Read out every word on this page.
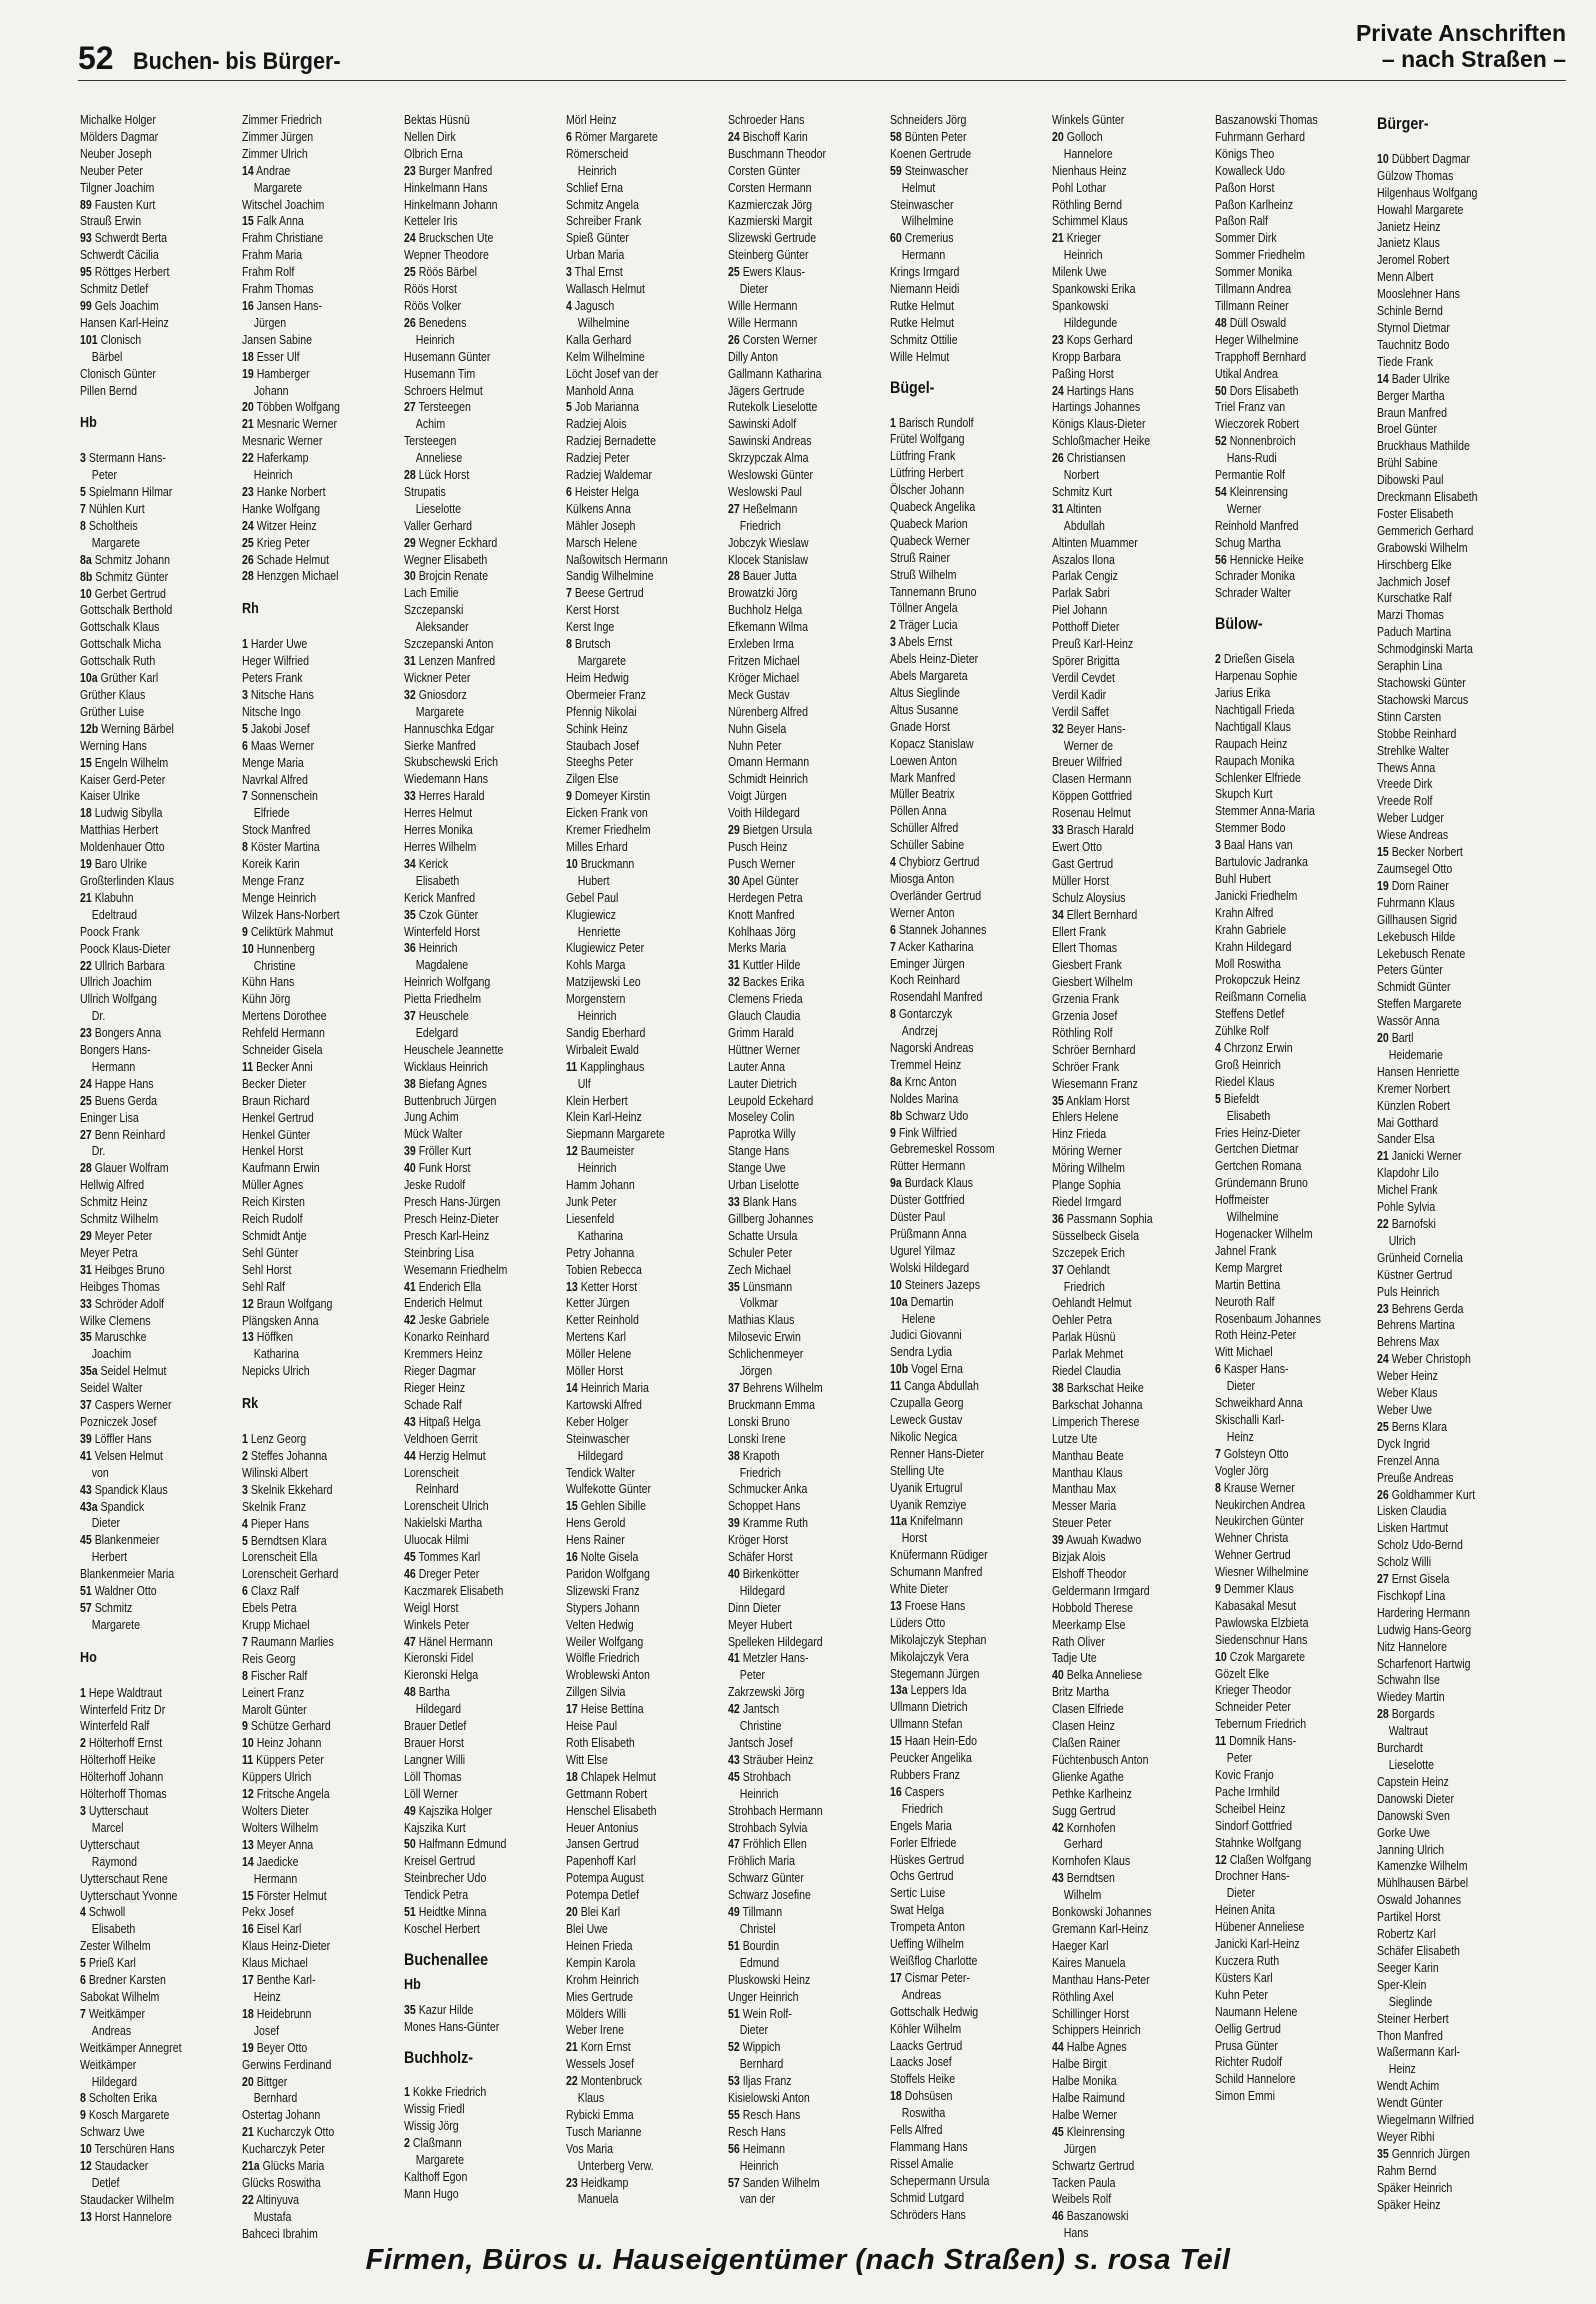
52 Buchen- bis Bürger-
Private Anschriften
– nach Straßen –
Michalke Holger
Mölders Dagmar
Neuber Joseph
Neuber Peter
Tilgner Joachim
89 Fausten Kurt
Strauß Erwin
93 Schwerdt Berta
Schwerdt Cäcilia
95 Röttges Herbert
Schmitz Detlef
99 Gels Joachim
Hansen Karl-Heinz
101 Clonisch
Bärbel
Clonisch Günter
Pillen Bernd
Hb
3 Stermann Hans-
Peter
5 Spielmann Hilmar
7 Nühlen Kurt
8 Scholtheis
Margarete
8a Schmitz Johann
8b Schmitz Günter
10 Gerbet Gertrud
Gottschalk Berthold
Gottschalk Klaus
Gottschalk Micha
Gottschalk Ruth
10a Grüther Karl
Grüther Klaus
Grüther Luise
12b Werning Bärbel
Werning Hans
15 Engeln Wilhelm
Kaiser Gerd-Peter
Kaiser Ulrike
18 Ludwig Sibylla
Matthias Herbert
Moldenhauer Otto
19 Baro Ulrike
Großterlinden Klaus
21 Klabuhn
Edeltraud
Poock Frank
Poock Klaus-Dieter
22 Ullrich Barbara
Ullrich Joachim
Ullrich Wolfgang
Dr.
23 Bongers Anna
Bongers Hans-
Hermann
24 Happe Hans
25 Buens Gerda
Eninger Lisa
27 Benn Reinhard
Dr.
28 Glauer Wolfram
Hellwig Alfred
Schmitz Heinz
Schmitz Wilhelm
29 Meyer Peter
Meyer Petra
31 Heibges Bruno
Heibges Thomas
33 Schröder Adolf
Wilke Clemens
35 Maruschke
Joachim
35a Seidel Helmut
Seidel Walter
37 Caspers Werner
Pozniczek Josef
39 Löffler Hans
41 Velsen Helmut
von
43 Spandick Klaus
43a Spandick
Dieter
45 Blankenmeier
Herbert
Blankenmeier Maria
51 Waldner Otto
57 Schmitz
Margarete
Ho
1 Hepe Waldtraut
Winterfeld Fritz Dr
Winterfeld Ralf
2 Hölterhoff Ernst
Hölterhoff Heike
Hölterhoff Johann
Hölterhoff Thomas
3 Uytterschaut
Marcel
Uytterschaut
Raymond
Uytterschaut Rene
Uytterschaut Yvonne
4 Schwoll
Elisabeth
Zester Wilhelm
5 Prieß Karl
6 Bredner Karsten
Sabokat Wilhelm
7 Weitkämper
Andreas
Weitkämper Annegret
Weitkämper
Hildegard
8 Scholten Erika
9 Kosch Margarete
Schwarz Uwe
10 Terschüren Hans
12 Staudacker
Detlef
Staudacker Wilhelm
13 Horst Hannelore
Zimmer Friedrich
Zimmer Jürgen
Zimmer Ulrich
14 Andrae
Margarete
Witschel Joachim
15 Falk Anna
Frahm Christiane
Frahm Maria
Frahm Rolf
Frahm Thomas
16 Jansen Hans-
Jürgen
Jansen Sabine
18 Esser Ulf
19 Hamberger
Johann
20 Többen Wolfgang
21 Mesnaric Werner
Mesnaric Werner
22 Haferkamp
Heinrich
23 Hanke Norbert
Hanke Wolfgang
24 Witzer Heinz
25 Krieg Peter
26 Schade Helmut
28 Henzgen Michael
Rh
1 Harder Uwe
Heger Wilfried
Peters Frank
3 Nitsche Hans
Nitsche Ingo
5 Jakobi Josef
6 Maas Werner
Menge Maria
Navrkal Alfred
7 Sonnenschein
Elfriede
Stock Manfred
8 Köster Martina
Koreik Karin
Menge Franz
Menge Heinrich
Wilzek Hans-Norbert
9 Celiktürk Mahmut
10 Hunnenberg
Christine
Kühn Hans
Kühn Jörg
Mertens Dorothee
Rehfeld Hermann
Schneider Gisela
11 Becker Anni
Becker Dieter
Braun Richard
Henkel Gertrud
Henkel Günter
Henkel Horst
Kaufmann Erwin
Müller Agnes
Reich Kirsten
Reich Rudolf
Schmidt Antje
Sehl Günter
Sehl Horst
Sehl Ralf
12 Braun Wolfgang
Plängsken Anna
13 Höffken
Katharina
Nepicks Ulrich
Rk
1 Lenz Georg
2 Steffes Johanna
Wilinski Albert
3 Skelnik Ekkehard
Skelnik Franz
4 Pieper Hans
5 Berndtsen Klara
Lorenscheit Ella
Lorenscheit Gerhard
6 Claxz Ralf
Ebels Petra
Krupp Michael
7 Raumann Marlies
Reis Georg
8 Fischer Ralf
Leinert Franz
Marolt Günter
9 Schütze Gerhard
10 Heinz Johann
11 Küppers Peter
Küppers Ulrich
12 Fritsche Angela
Wolters Dieter
Wolters Wilhelm
13 Meyer Anna
14 Jaedicke
Hermann
15 Förster Helmut
Pekx Josef
16 Eisel Karl
Klaus Heinz-Dieter
Klaus Michael
17 Benthe Karl-
Heinz
18 Heidebrunn
Josef
19 Beyer Otto
Gerwins Ferdinand
20 Bittger
Bernhard
Ostertag Johann
21 Kucharczyk Otto
Kucharczyk Peter
21a Glücks Maria
Glücks Roswitha
22 Altinyuva
Mustafa
Bahceci Ibrahim
Bektas Hüsnü
Nellen Dirk
Olbrich Erna
23 Burger Manfred
Hinkelmann Hans
Hinkelmann Johann
Ketteler Iris
24 Bruckschen Ute
Wepner Theodore
25 Röös Bärbel
Röös Horst
Röös Volker
26 Benedens
Heinrich
Husemann Günter
Husemann Tim
Schroers Helmut
27 Tersteegen
Achim
Tersteegen
Anneliese
28 Lück Horst
Strupatis
Lieselotte
Valler Gerhard
29 Wegner Eckhard
Wegner Elisabeth
30 Brojcin Renate
Lach Emilie
Szczepanski
Aleksander
Szczepanski Anton
31 Lenzen Manfred
Wickner Peter
32 Gniosdorz
Margarete
Hannuschka Edgar
Sierke Manfred
Skubschewski Erich
Wiedemann Hans
33 Herres Harald
Herres Helmut
Herres Monika
Herres Wilhelm
34 Kerick
Elisabeth
Kerick Manfred
35 Czok Günter
Winterfeld Horst
36 Heinrich
Magdalene
Heinrich Wolfgang
Pietta Friedhelm
37 Heuschele
Edelgard
Heuschele Jeannette
Wicklaus Heinrich
38 Biefang Agnes
Buttenbruch Jürgen
Jung Achim
Mück Walter
39 Fröller Kurt
40 Funk Horst
Jeske Rudolf
Presch Hans-Jürgen
Presch Heinz-Dieter
Presch Karl-Heinz
Steinbring Lisa
Wesemann Friedhelm
41 Enderich Ella
Enderich Helmut
42 Jeske Gabriele
Konarko Reinhard
Kremmers Heinz
Rieger Dagmar
Rieger Heinz
Schade Ralf
43 Hitpaß Helga
Veldhoen Gerrit
44 Herzig Helmut
Lorenscheit
Reinhard
Lorenscheit Ulrich
Nakielski Martha
Uluocak Hilmi
45 Tommes Karl
46 Dreger Peter
Kaczmarek Elisabeth
Weigl Horst
Winkels Peter
47 Hänel Hermann
Kieronski Fidel
Kieronski Helga
48 Bartha
Hildegard
Brauer Detlef
Brauer Horst
Langner Willi
Löll Thomas
Löll Werner
49 Kajszika Holger
Kajszika Kurt
50 Halfmann Edmund
Kreisel Gertrud
Steinbrecher Udo
Tendick Petra
51 Heidtke Minna
Koschel Herbert
Buchenallee
Hb
35 Kazur Hilde
Mones Hans-Günter
Buchholz-
1 Kokke Friedrich
Wissig Friedl
Wissig Jörg
2 Claßmann
Margarete
Kalthoff Egon
Mann Hugo
Mörl Heinz
6 Römer Margarete
Römerscheid
Heinrich
Schlief Erna
Schmitz Angela
Schreiber Frank
Spieß Günter
Urban Maria
3 Thal Ernst
Wallasch Helmut
4 Jagusch
Wilhelmine
Kalla Gerhard
Kelm Wilhelmine
Löcht Josef van der
Manhold Anna
5 Job Marianna
Radziej Alois
Radziej Bernadette
Radziej Peter
Radziej Waldemar
6 Heister Helga
Külkens Anna
Mähler Joseph
Marsch Helene
Naßowitsch Hermann
Sandig Wilhelmine
7 Beese Gertrud
Kerst Horst
Kerst Inge
8 Brutsch
Margarete
Heim Hedwig
Obermeier Franz
Pfennig Nikolai
Schink Heinz
Staubach Josef
Steeghs Peter
Zilgen Else
9 Domeyer Kirstin
Eicken Frank von
Kremer Friedhelm
Milles Erhard
10 Bruckmann
Hubert
Gebel Paul
Klugiewicz
Henriette
Klugiewicz Peter
Kohls Marga
Matzijewski Leo
Morgenstern
Heinrich
Sandig Eberhard
Wirbaleit Ewald
11 Kapplinghaus
Ulf
Klein Herbert
Klein Karl-Heinz
Siepmann Margarete
12 Baumeister
Heinrich
Hamm Johann
Junk Peter
Liesenfeld
Katharina
Petry Johanna
Tobien Rebecca
13 Ketter Horst
Ketter Jürgen
Ketter Reinhold
Mertens Karl
Möller Helene
Möller Horst
14 Heinrich Maria
Kartowski Alfred
Keber Holger
Steinwascher
Hildegard
Tendick Walter
Wulfekotte Günter
15 Gehlen Sibille
Hens Gerold
Hens Rainer
16 Nolte Gisela
Paridon Wolfgang
Slizewski Franz
Stypers Johann
Velten Hedwig
Weiler Wolfgang
Wölfle Friedrich
Wroblewski Anton
Zillgen Silvia
17 Heise Bettina
Heise Paul
Roth Elisabeth
Witt Else
18 Chlapek Helmut
Gettmann Robert
Henschel Elisabeth
Heuer Antonius
Jansen Gertrud
Papenhoff Karl
Potempa August
Potempa Detlef
20 Blei Karl
Blei Uwe
Heinen Frieda
Kempin Karola
Krohm Heinrich
Mies Gertrude
Mölders Willi
Weber Irene
21 Korn Ernst
Wessels Josef
22 Montenbruck
Klaus
Rybicki Emma
Tusch Marianne
Vos Maria
Unterberg Verw.
23 Heidkamp
Manuela
Schroeder Hans
24 Bischoff Karin
Buschmann Theodor
Corsten Günter
Corsten Hermann
Kazmierczak Jörg
Kazmierski Margit
Slizewski Gertrude
Steinberg Günter
25 Ewers Klaus-
Dieter
Wille Hermann
Wille Hermann
26 Corsten Werner
Dilly Anton
Gallmann Katharina
Jägers Gertrude
Rutekolk Lieselotte
Sawinski Adolf
Sawinski Andreas
Skrzypczak Alma
Weslowski Günter
Weslowski Paul
27 Heßelmann
Friedrich
Jobczyk Wieslaw
Klocek Stanislaw
28 Bauer Jutta
Browatzki Jörg
Buchholz Helga
Efkemann Wilma
Erxleben Irma
Fritzen Michael
Kröger Michael
Meck Gustav
Nürenberg Alfred
Nuhn Gisela
Nuhn Peter
Omann Hermann
Schmidt Heinrich
Voigt Jürgen
Voith Hildegard
29 Bietgen Ursula
Pusch Heinz
Pusch Werner
30 Apel Günter
Herdegen Petra
Knott Manfred
Kohlhaas Jörg
Merks Maria
31 Kuttler Hilde
32 Backes Erika
Clemens Frieda
Glauch Claudia
Grimm Harald
Hüttner Werner
Lauter Anna
Lauter Dietrich
Leupold Eckehard
Moseley Colin
Paprotka Willy
Stange Hans
Stange Uwe
Urban Liselotte
33 Blank Hans
Gillberg Johannes
Schatte Ursula
Schuler Peter
Zech Michael
35 Lünsmann
Volkmar
Mathias Klaus
Milosevic Erwin
Schlichenmeyer
Jörgen
37 Behrens Wilhelm
Bruckmann Emma
Lonski Bruno
Lonski Irene
38 Krapoth
Friedrich
Schmucker Anka
Schoppet Hans
39 Kramme Ruth
Kröger Horst
Schäfer Horst
40 Birkenkötter
Hildegard
Dinn Dieter
Meyer Hubert
Spelleken Hildegard
41 Metzler Hans-
Peter
Zakrzewski Jörg
42 Jantsch
Christine
Jantsch Josef
43 Sträuber Heinz
45 Strohbach
Heinrich
Strohbach Hermann
Strohbach Sylvia
47 Fröhlich Ellen
Fröhlich Maria
Schwarz Günter
Schwarz Josefine
49 Tillmann
Christel
51 Bourdin
Edmund
Pluskowski Heinz
Unger Heinrich
51 Wein Rolf-
Dieter
52 Wippich
Bernhard
53 Iljas Franz
Kisielowski Anton
55 Resch Hans
Resch Hans
56 Heimann
Heinrich
57 Sanden Wilhelm
van der
Schneiders Jörg
58 Bünten Peter
Koenen Gertrude
59 Steinwascher
Helmut
Steinwascher
Wilhelmine
60 Cremerius
Hermann
Krings Irmgard
Niemann Heidi
Rutke Helmut
Rutke Helmut
Schmitz Ottilie
Wille Helmut
Bügel-
1 Barisch Rundolf
Frütel Wolfgang
Lütfring Frank
Lütfring Herbert
Ölscher Johann
Quabeck Angelika
Quabeck Marion
Quabeck Werner
Struß Rainer
Struß Wilhelm
Tannemann Bruno
Töllner Angela
2 Träger Lucia
3 Abels Ernst
Abels Heinz-Dieter
Abels Margareta
Altus Sieglinde
Altus Susanne
Gnade Horst
Kopacz Stanislaw
Loewen Anton
Mark Manfred
Müller Beatrix
Pöllen Anna
Schüller Alfred
Schüller Sabine
4 Chybiorz Gertrud
Miosga Anton
Overländer Gertrud
Werner Anton
6 Stannek Johannes
7 Acker Katharina
Eminger Jürgen
Koch Reinhard
Rosendahl Manfred
8 Gontarczyk
Andrzej
Nagorski Andreas
Tremmel Heinz
8a Krnc Anton
Noldes Marina
8b Schwarz Udo
9 Fink Wilfried
Gebremeskel Rossom
Rütter Hermann
9a Burdack Klaus
Düster Gottfried
Düster Paul
Prüßmann Anna
Ugurel Yilmaz
Wolski Hildegard
10 Steiners Jazeps
10a Demartin
Helene
Judici Giovanni
Sendra Lydia
10b Vogel Erna
11 Canga Abdullah
Czupalla Georg
Leweck Gustav
Nikolic Negica
Renner Hans-Dieter
Stelling Ute
Uyanik Ertugrul
Uyanik Remziye
11a Knifelmann
Horst
Knüfermann Rüdiger
Schumann Manfred
White Dieter
13 Froese Hans
Lüders Otto
Mikolajczyk Stephan
Mikolajczyk Vera
Stegemann Jürgen
13a Leppers Ida
Ullmann Dietrich
Ullmann Stefan
15 Haan Hein-Edo
Peucker Angelika
Rubbers Franz
16 Caspers
Friedrich
Engels Maria
Forler Elfriede
Hüskes Gertrud
Ochs Gertrud
Sertic Luise
Swat Helga
Trompeta Anton
Ueffing Wilhelm
Weißflog Charlotte
17 Cismar Peter-
Andreas
Gottschalk Hedwig
Köhler Wilhelm
Laacks Gertrud
Laacks Josef
Stoffels Heike
18 Dohsüsen
Roswitha
Fells Alfred
Flammang Hans
Rissel Amalie
Schepermann Ursula
Schmid Lutgard
Schröders Hans
Winkels Günter
20 Golloch
Hannelore
Nienhaus Heinz
Pohl Lothar
Röthling Bernd
Schimmel Klaus
21 Krieger
Heinrich
Milenk Uwe
Spankowski Erika
Spankowski
Hildegunde
23 Kops Gerhard
Kropp Barbara
Paßing Horst
24 Hartings Hans
Hartings Johannes
Königs Klaus-Dieter
Schloßmacher Heike
26 Christiansen
Norbert
Schmitz Kurt
31 Altinten
Abdullah
Altinten Muammer
Aszalos Ilona
Parlak Cengiz
Parlak Sabri
Piel Johann
Potthoff Dieter
Preuß Karl-Heinz
Spörer Brigitta
Verdil Cevdet
Verdil Kadir
Verdil Saffet
32 Beyer Hans-
Werner de
Breuer Wilfried
Clasen Hermann
Köppen Gottfried
Rosenau Helmut
33 Brasch Harald
Ewert Otto
Gast Gertrud
Müller Horst
Schulz Aloysius
34 Ellert Bernhard
Ellert Frank
Ellert Thomas
Giesbert Frank
Giesbert Wilhelm
Grzenia Frank
Grzenia Josef
Röthling Rolf
Schröer Bernhard
Schröer Frank
Wiesemann Franz
35 Anklam Horst
Ehlers Helene
Hinz Frieda
Möring Werner
Möring Wilhelm
Plange Sophia
Riedel Irmgard
36 Passmann Sophia
Süsselbeck Gisela
Szczepek Erich
37 Oehlandt
Friedrich
Oehlandt Helmut
Oehler Petra
Parlak Hüsnü
Parlak Mehmet
Riedel Claudia
38 Barkschat Heike
Barkschat Johanna
Limperich Therese
Lutze Ute
Manthau Beate
Manthau Klaus
Manthau Max
Messer Maria
Steuer Peter
39 Awuah Kwadwo
Bizjak Alois
Elshoff Theodor
Geldermann Irmgard
Hobbold Therese
Meerkamp Else
Rath Oliver
Tadje Ute
40 Belka Anneliese
Britz Martha
Clasen Elfriede
Clasen Heinz
Claßen Rainer
Füchtenbusch Anton
Glienke Agathe
Pethke Karlheinz
Sugg Gertrud
42 Kornhofen
Gerhard
Kornhofen Klaus
43 Berndtsen
Wilhelm
Bonkowski Johannes
Gremann Karl-Heinz
Haeger Karl
Kaires Manuela
Manthau Hans-Peter
Röthling Axel
Schillinger Horst
Schippers Heinrich
44 Halbe Agnes
Halbe Birgit
Halbe Monika
Halbe Raimund
Halbe Werner
45 Kleinrensing
Jürgen
Schwartz Gertrud
Tacken Paula
Weibels Rolf
46 Baszanowski
Hans
Baszanowski Thomas
Fuhrmann Gerhard
Königs Theo
Kowalleck Udo
Paßon Horst
Paßon Karlheinz
Paßon Ralf
Sommer Dirk
Sommer Friedhelm
Sommer Monika
Tillmann Andrea
Tillmann Reiner
48 Düll Oswald
Heger Wilhelmine
Trapphoff Bernhard
Utikal Andrea
50 Dors Elisabeth
Triel Franz van
Wieczorek Robert
52 Nonnenbroich
Hans-Rudi
Permantie Rolf
54 Kleinrensing
Werner
Reinhold Manfred
Schug Martha
56 Hennicke Heike
Schrader Monika
Schrader Walter
Bülow-
2 Drießen Gisela
Harpenau Sophie
Jarius Erika
Nachtigall Frieda
Nachtigall Klaus
Raupach Heinz
Raupach Monika
Schlenker Elfriede
Skupch Kurt
Stemmer Anna-Maria
Stemmer Bodo
3 Baal Hans van
Bartulovic Jadranka
Buhl Hubert
Janicki Friedhelm
Krahn Alfred
Krahn Gabriele
Krahn Hildegard
Moll Roswitha
Prokopczuk Heinz
Reißmann Cornelia
Steffens Detlef
Zühlke Rolf
4 Chrzonz Erwin
Groß Heinrich
Riedel Klaus
5 Biefeldt
Elisabeth
Fries Heinz-Dieter
Gertchen Dietmar
Gertchen Romana
Gründemann Bruno
Hoffmeister
Wilhelmine
Hogenacker Wilhelm
Jahnel Frank
Kemp Margret
Martin Bettina
Neuroth Ralf
Rosenbaum Johannes
Roth Heinz-Peter
Witt Michael
6 Kasper Hans-
Dieter
Schweikhard Anna
Skischalli Karl-
Heinz
7 Golsteyn Otto
Vogler Jörg
8 Krause Werner
Neukirchen Andrea
Neukirchen Günter
Wehner Christa
Wehner Gertrud
Wiesner Wilhelmine
9 Demmer Klaus
Kabasakal Mesut
Pawlowska Elzbieta
Siedenschnur Hans
10 Czok Margarete
Gözelt Elke
Krieger Theodor
Schneider Peter
Tebernum Friedrich
11 Domnik Hans-
Peter
Kovic Franjo
Pache Irmhild
Scheibel Heinz
Sindorf Gottfried
Stahnke Wolfgang
12 Claßen Wolfgang
Drochner Hans-
Dieter
Heinen Anita
Hübener Anneliese
Janicki Karl-Heinz
Kuczera Ruth
Küsters Karl
Kuhn Peter
Naumann Helene
Oellig Gertrud
Prusa Günter
Richter Rudolf
Schild Hannelore
Simon Emmi
Bürger-
10 Dübbert Dagmar
Gülzow Thomas
Hilgenhaus Wolfgang
Howahl Margarete
Janietz Heinz
Janietz Klaus
Jeromel Robert
Menn Albert
Mooslehner Hans
Schinle Bernd
Styrnol Dietmar
Tauchnitz Bodo
Tiede Frank
14 Bader Ulrike
Berger Martha
Braun Manfred
Broel Günter
Bruckhaus Mathilde
Brühl Sabine
Dibowski Paul
Dreckmann Elisabeth
Foster Elisabeth
Gemmerich Gerhard
Grabowski Wilhelm
Hirschberg Elke
Jachmich Josef
Kurschatke Ralf
Marzi Thomas
Paduch Martina
Schmodginski Marta
Seraphin Lina
Stachowski Günter
Stachowski Marcus
Stinn Carsten
Stobbe Reinhard
Strehlke Walter
Thews Anna
Vreede Dirk
Vreede Rolf
Weber Ludger
Wiese Andreas
15 Becker Norbert
Zaumsegel Otto
19 Dorn Rainer
Fuhrmann Klaus
Gillhausen Sigrid
Lekebusch Hilde
Lekebusch Renate
Peters Günter
Schmidt Günter
Steffen Margarete
Wassör Anna
20 Bartl
Heidemarie
Hansen Henriette
Kremer Norbert
Künzlen Robert
Mai Gotthard
Sander Elsa
21 Janicki Werner
Klapdohr Lilo
Michel Frank
Pohle Sylvia
22 Barnofski
Ulrich
Grünheid Cornelia
Küstner Gertrud
Puls Heinrich
23 Behrens Gerda
Behrens Martina
Behrens Max
24 Weber Christoph
Weber Heinz
Weber Klaus
Weber Uwe
25 Berns Klara
Dyck Ingrid
Frenzel Anna
Preuße Andreas
26 Goldhammer Kurt
Lisken Claudia
Lisken Hartmut
Scholz Udo-Bernd
Scholz Willi
27 Ernst Gisela
Fischkopf Lina
Hardering Hermann
Ludwig Hans-Georg
Nitz Hannelore
Scharfenort Hartwig
Schwahn Ilse
Wiedey Martin
28 Borgards
Waltraut
Burchardt
Lieselotte
Capstein Heinz
Danowski Dieter
Danowski Sven
Gorke Uwe
Janning Ulrich
Kamenzke Wilhelm
Mühlhausen Bärbel
Oswald Johannes
Partikel Horst
Robertz Karl
Schäfer Elisabeth
Seeger Karin
Sper-Klein
Sieglinde
Steiner Herbert
Thon Manfred
Waßermann Karl-
Heinz
Wendt Achim
Wendt Günter
Wiegelmann Wilfried
Weyer Ribhi
35 Gennrich Jürgen
Rahm Bernd
Späker Heinrich
Späker Heinz
Firmen, Büros u. Hauseigentümer (nach Straßen) s. rosa Teil
